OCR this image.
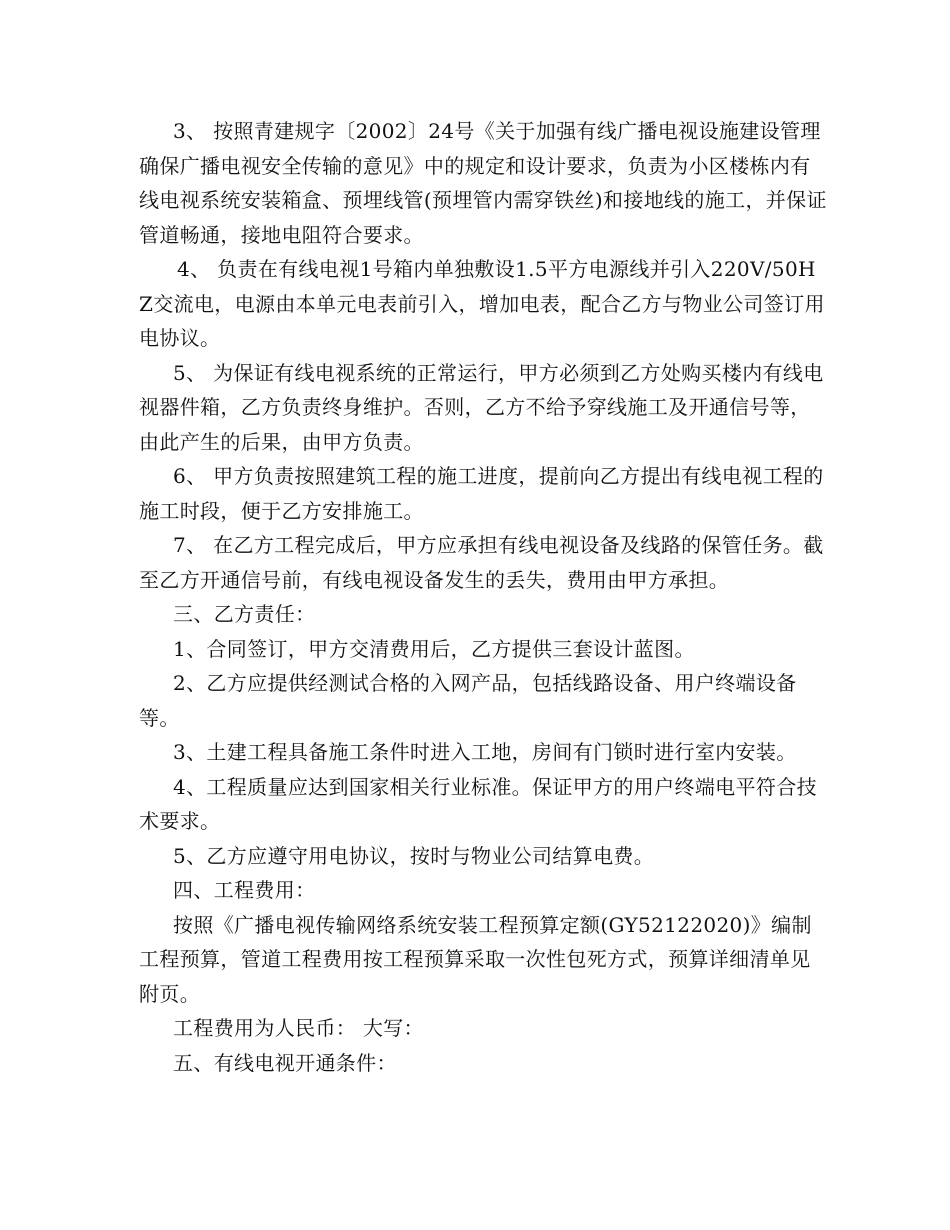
3、 按照青建规字〔2002〕24号《关于加强有线广播电视设施建设管理确保广播电视安全传输的意见》中的规定和设计要求，负责为小区楼栋内有线电视系统安装箱盒、预埋线管(预埋管内需穿铁丝)和接地线的施工，并保证管道畅通，接地电阻符合要求。

4、 负责在有线电视1号箱内单独敷设1.5平方电源线并引入220V/50HZ交流电，电源由本单元电表前引入，增加电表，配合乙方与物业公司签订用电协议。

5、 为保证有线电视系统的正常运行，甲方必须到乙方处购买楼内有线电视器件箱，乙方负责终身维护。否则，乙方不给予穿线施工及开通信号等，由此产生的后果，由甲方负责。

6、 甲方负责按照建筑工程的施工进度，提前向乙方提出有线电视工程的施工时段，便于乙方安排施工。

7、 在乙方工程完成后，甲方应承担有线电视设备及线路的保管任务。截至乙方开通信号前，有线电视设备发生的丢失，费用由甲方承担。

三、乙方责任：

1、合同签订，甲方交清费用后，乙方提供三套设计蓝图。

2、乙方应提供经测试合格的入网产品，包括线路设备、用户终端设备等。

3、土建工程具备施工条件时进入工地，房间有门锁时进行室内安装。

4、工程质量应达到国家相关行业标准。保证甲方的用户终端电平符合技术要求。

5、乙方应遵守用电协议，按时与物业公司结算电费。

四、工程费用：

按照《广播电视传输网络系统安装工程预算定额(GY52122020)》编制工程预算，管道工程费用按工程预算采取一次性包死方式，预算详细清单见附页。

工程费用为人民币： 大写：

五、有线电视开通条件：
